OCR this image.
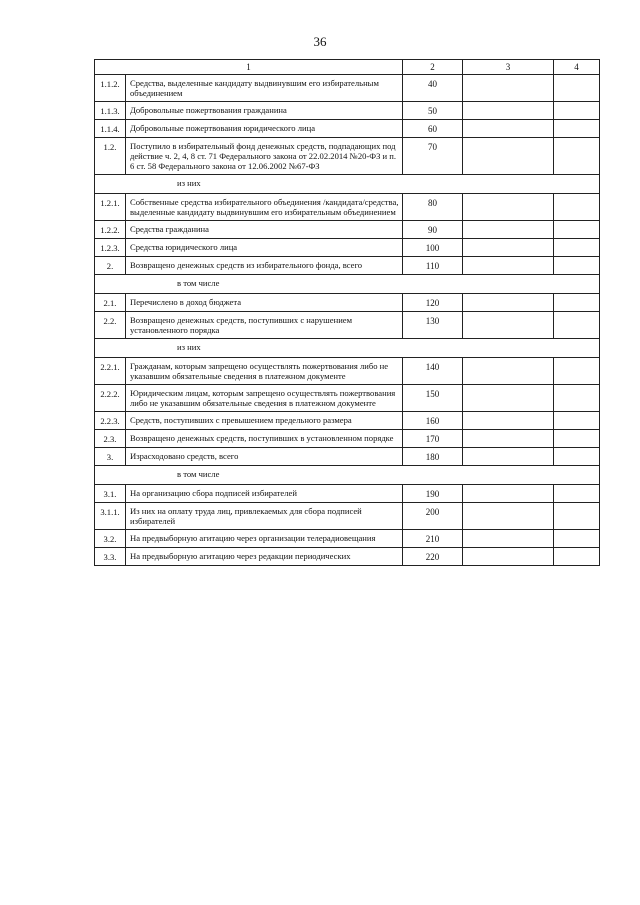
36
1		2	3	4
1.1.2.	Средства, выделенные кандидату выдвинувшим его избирательным объединением	40		
1.1.3.	Добровольные пожертвования гражданина	50		
1.1.4.	Добровольные пожертвования юридического лица	60		
1.2.	Поступило в избирательный фонд денежных средств, подпадающих под действие ч. 2, 4, 8 ст. 71 Федерального закона от 22.02.2014 №20-ФЗ и п. 6 ст. 58 Федерального закона от 12.06.2002 №67-ФЗ	70		
из них				
1.2.1.	Собственные средства избирательного объединения /кандидата/средства, выделенные кандидату выдвинувшим его избирательным объединением	80		
1.2.2.	Средства гражданина	90		
1.2.3.	Средства юридического лица	100		
2.	Возвращено денежных средств из избирательного фонда, всего	110		
в том числе				
2.1.	Перечислено в доход бюджета	120		
2.2.	Возвращено денежных средств, поступивших с нарушением установленного порядка	130		
из них				
2.2.1.	Гражданам, которым запрещено осуществлять пожертвования либо не указавшим обязательные сведения в платежном документе	140		
2.2.2.	Юридическим лицам, которым запрещено осуществлять пожертвования либо не указавшим обязательные сведения в платежном документе	150		
2.2.3.	Средств, поступивших с превышением предельного размера	160		
2.3.	Возвращено денежных средств, поступивших в установленном порядке	170		
3.	Израсходовано средств, всего	180		
в том числе				
3.1.	На организацию сбора подписей избирателей	190		
3.1.1.	Из них на оплату труда лиц, привлекаемых для сбора подписей избирателей	200		
3.2.	На предвыборную агитацию через организации телерадиовещания	210		
3.3.	На предвыборную агитацию через редакции периодических	220		
